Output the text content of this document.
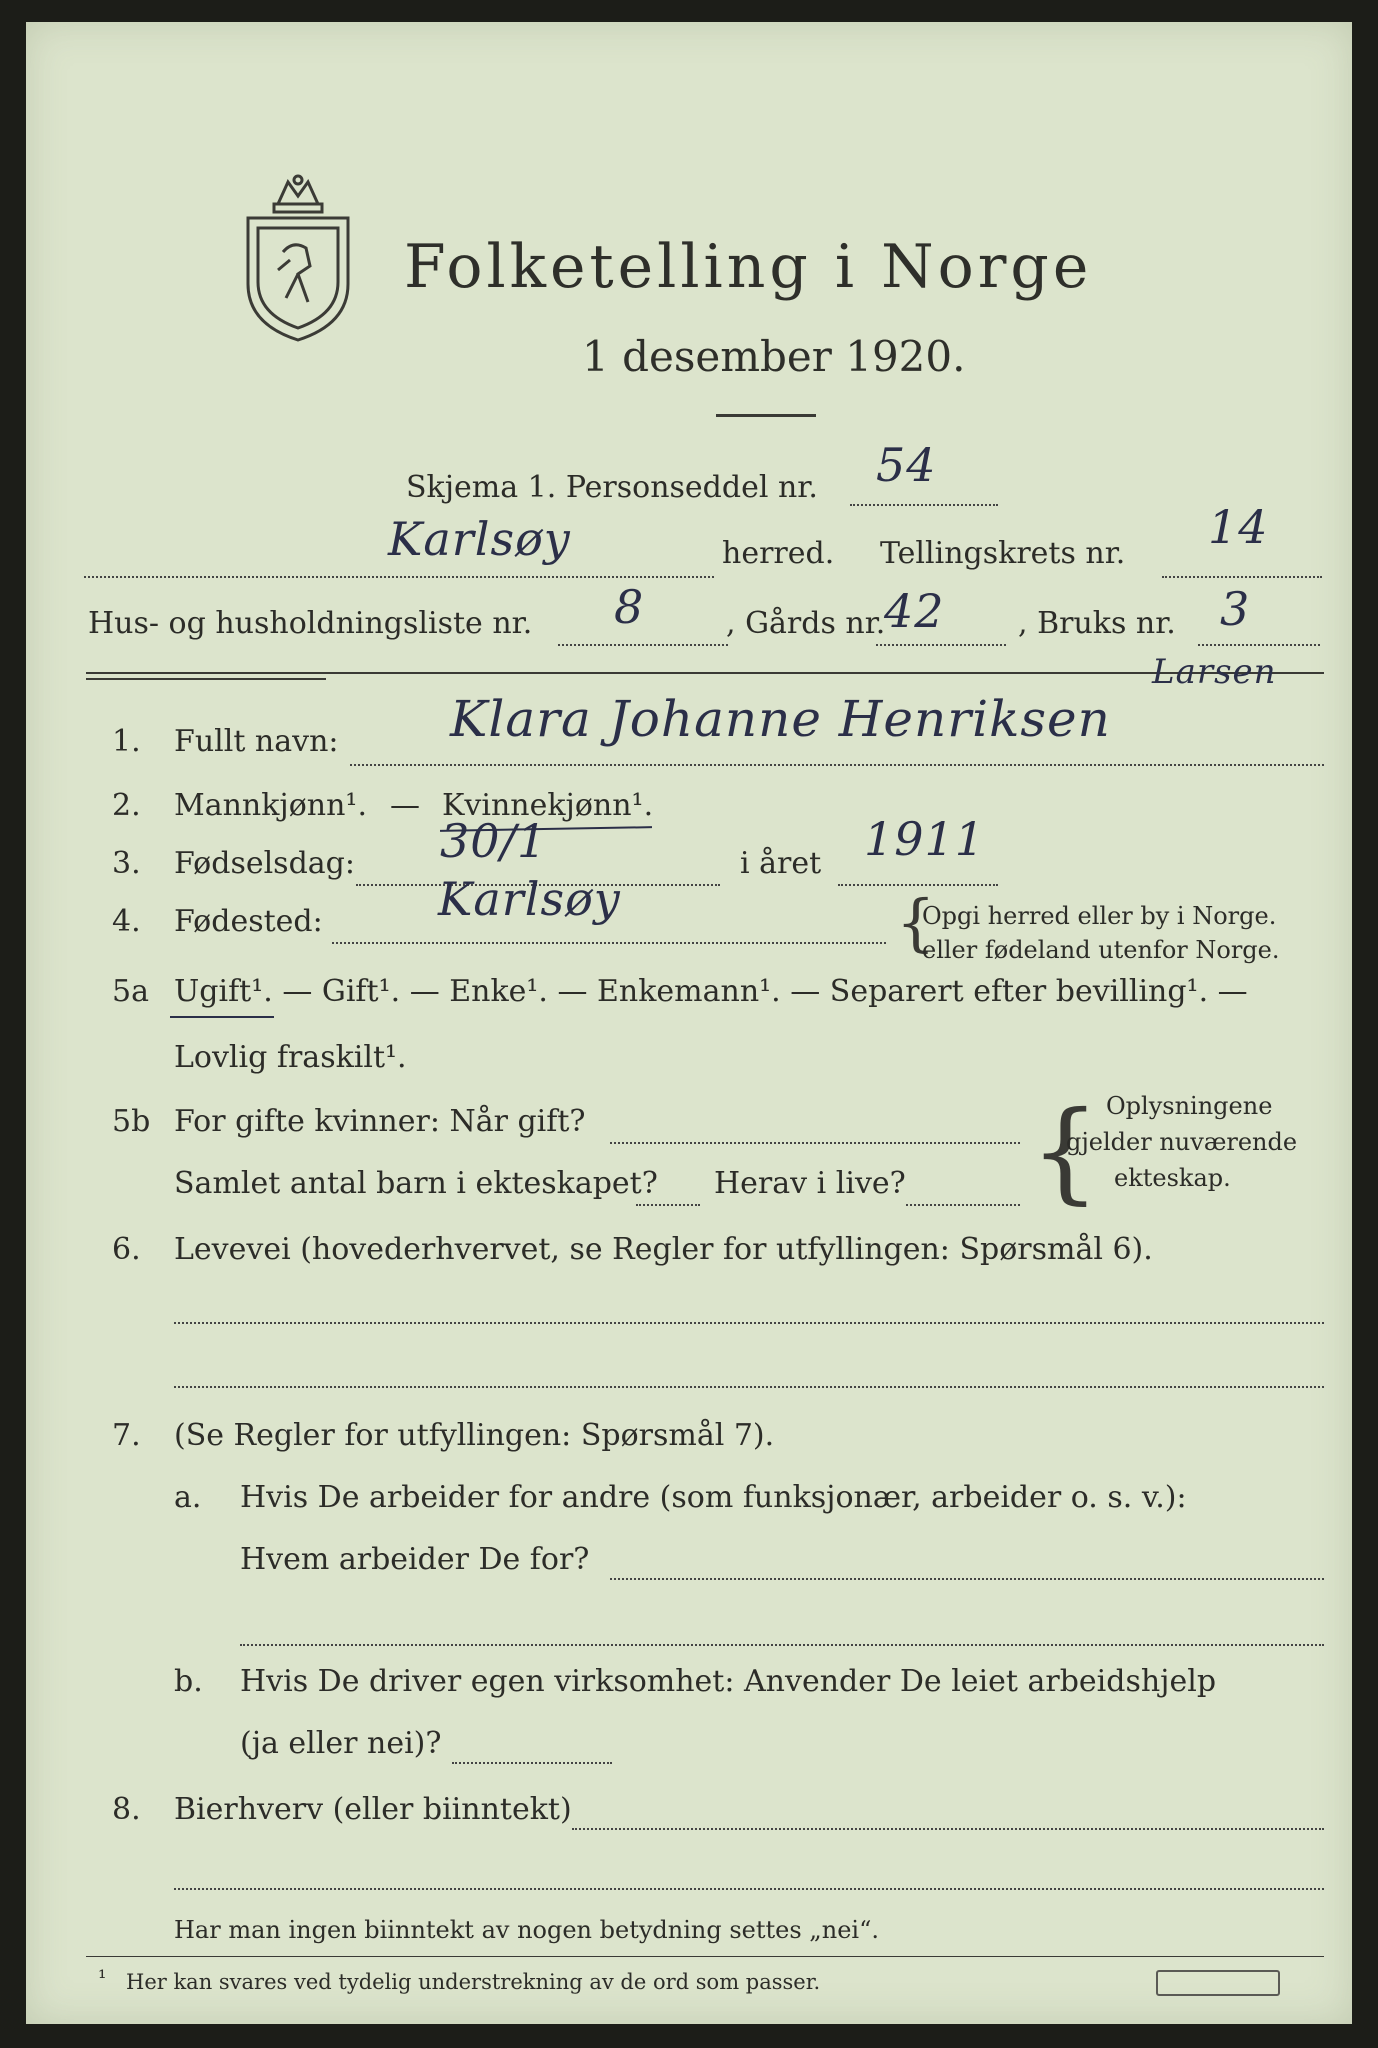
Folketelling i Norge
1 desember 1920.
Skjema 1. Personseddel nr. 54
Karlsøy	herred. Tellingskrets nr. 14
Hus- og husholdningsliste nr. 8	, Gårds nr.
42 , Bruks nr. 3
1. Fullt navn: Klara Johanne Henriksen
Larsen
2. Mannkjønn¹. — Kvinnekjønn¹.
3. Fødselsdag: 30/1	i året 1911
4. Fødested:	Karlsøy	{
Opgi herred eller by i Norge.
eller fødeland utenfor Norge.
5a Ugift¹. — Gift¹. — Enke¹. — Enkemann¹. — Separert efter bevilling¹. —
Lovlig fraskilt¹.
5b For gifte kvinner: Når gift?
Samlet antal barn i ekteskapet? Herav i live? { Oplysningene
gjelder nuværende
ekteskap.
6. Levevei (hovederhvervet, se Regler for utfyllingen: Spørsmål 6).
7. (Se Regler for utfyllingen: Spørsmål 7).
a. Hvis De arbeider for andre (som funksjonær, arbeider o. s. v.):
Hvem arbeider De for?
b. Hvis De driver egen virksomhet: Anvender De leiet arbeidshjelp
(ja eller nei)?
8. Bierhverv (eller biinntekt)
Har man ingen biinntekt av nogen betydning settes „nei“.
¹ Her kan svares ved tydelig understrekning av de ord som passer.
